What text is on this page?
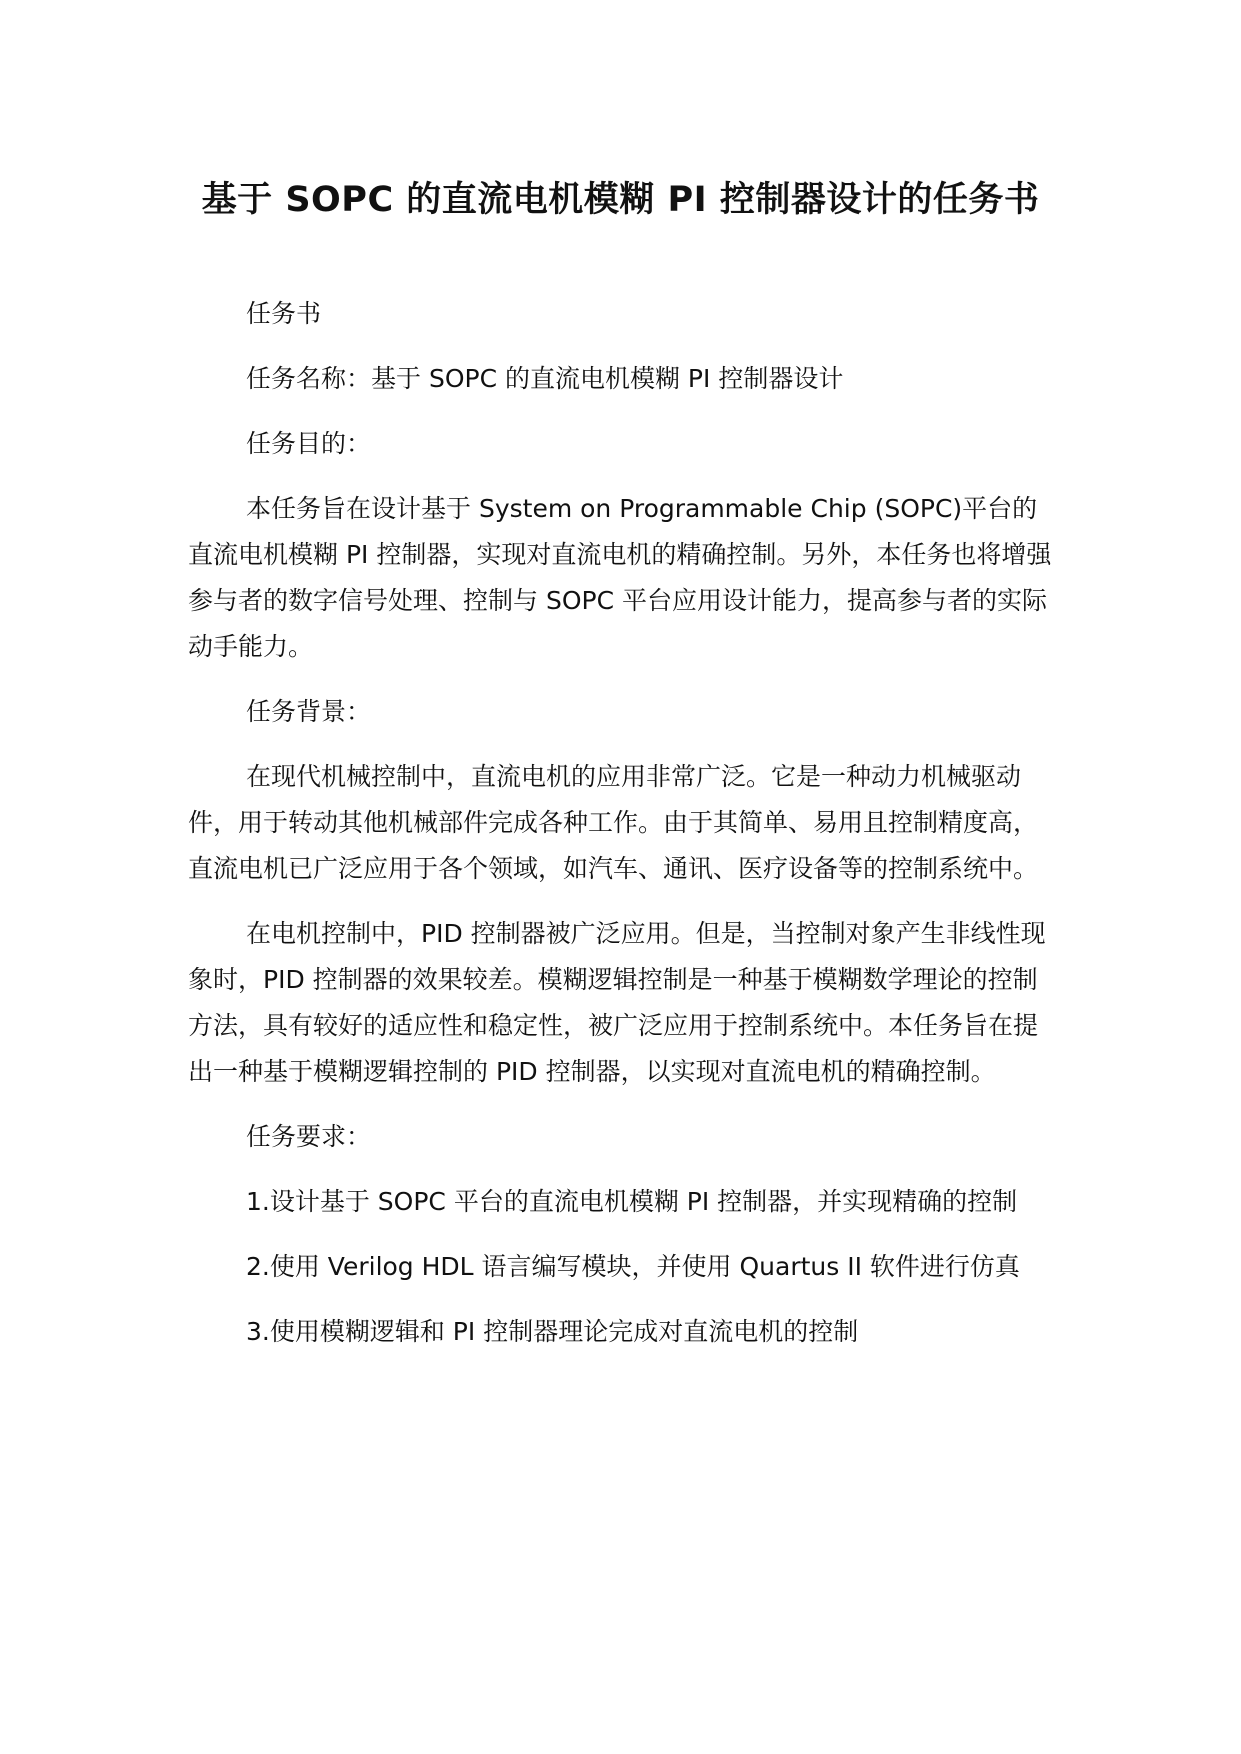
基于 SOPC 的直流电机模糊 PI 控制器设计的任务书

任务书

任务名称：基于 SOPC 的直流电机模糊 PI 控制器设计

任务目的：

本任务旨在设计基于 System on Programmable Chip (SOPC)平台的直流电机模糊 PI 控制器，实现对直流电机的精确控制。另外，本任务也将增强参与者的数字信号处理、控制与 SOPC 平台应用设计能力，提高参与者的实际动手能力。

任务背景：

在现代机械控制中，直流电机的应用非常广泛。它是一种动力机械驱动件，用于转动其他机械部件完成各种工作。由于其简单、易用且控制精度高，直流电机已广泛应用于各个领域，如汽车、通讯、医疗设备等的控制系统中。

在电机控制中，PID 控制器被广泛应用。但是，当控制对象产生非线性现象时，PID 控制器的效果较差。模糊逻辑控制是一种基于模糊数学理论的控制方法，具有较好的适应性和稳定性，被广泛应用于控制系统中。本任务旨在提出一种基于模糊逻辑控制的 PID 控制器，以实现对直流电机的精确控制。

任务要求：

1.设计基于 SOPC 平台的直流电机模糊 PI 控制器，并实现精确的控制

2.使用 Verilog HDL 语言编写模块，并使用 Quartus II 软件进行仿真

3.使用模糊逻辑和 PI 控制器理论完成对直流电机的控制
